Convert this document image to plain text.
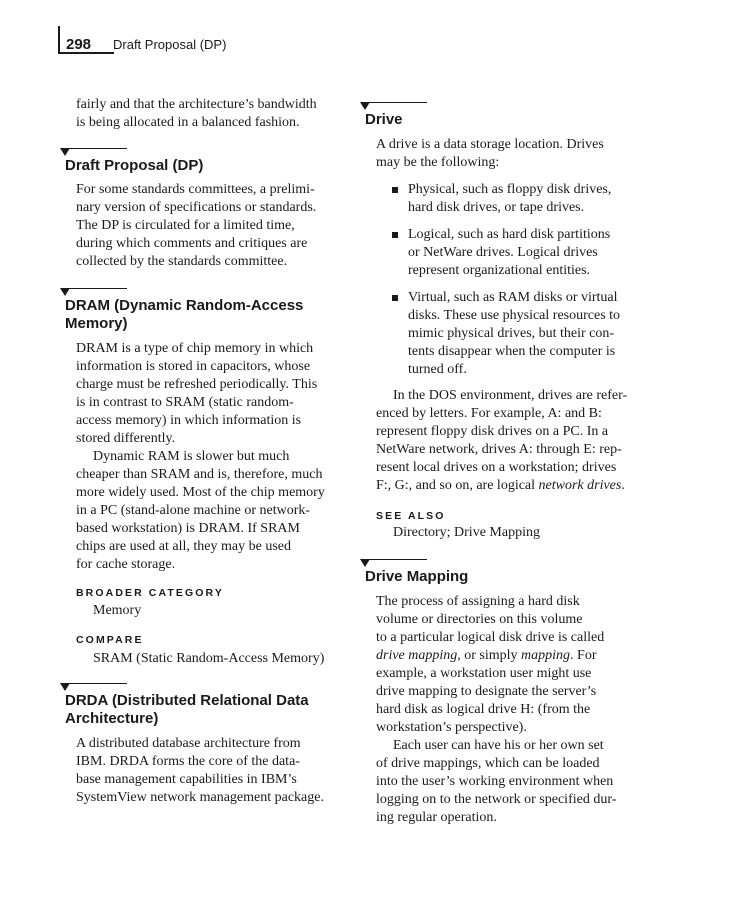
298 Draft Proposal (DP)

fairly and that the architecture’s bandwidth

is being allocated in a balanced fashion.

Draft Proposal (DP)

For some standards committees, a prelimi-

nary version of specifications or standards.

The DP is circulated for a limited time,

during which comments and critiques are

collected by the standards committee.

DRAM (Dynamic Random-Access
Memory)

DRAM is a type of chip memory in which

information is stored in capacitors, whose

charge must be refreshed periodically. This

is in contrast to SRAM (static random-

access memory) in which information is

stored differently.

Dynamic RAM is slower but much

cheaper than SRAM and is, therefore, much

more widely used. Most of the chip memory

in a PC (stand-alone machine or network-

based workstation) is DRAM. If SRAM

chips are used at all, they may be used

for cache storage.

BROADER CATEGORY

Memory

COMPARE

SRAM (Static Random-Access Memory)

DRDA (Distributed Relational Data
Architecture)

A distributed database architecture from

IBM. DRDA forms the core of the data-

base management capabilities in IBM’s

SystemView network management package.

Drive

A drive is a data storage location. Drives

may be the following:

Physical, such as floppy disk drives,
hard disk drives, or tape drives.
Logical, such as hard disk partitions
or NetWare drives. Logical drives
represent organizational entities.
Virtual, such as RAM disks or virtual
disks. These use physical resources to
mimic physical drives, but their con-
tents disappear when the computer is
turned off.

In the DOS environment, drives are refer-

enced by letters. For example, A: and B:

represent floppy disk drives on a PC. In a

NetWare network, drives A: through E: rep-

resent local drives on a workstation; drives

F:, G:, and so on, are logical network drives.

SEE ALSO

Directory; Drive Mapping

Drive Mapping

The process of assigning a hard disk

volume or directories on this volume

to a particular logical disk drive is called

drive mapping, or simply mapping. For

example, a workstation user might use

drive mapping to designate the server’s

hard disk as logical drive H: (from the

workstation’s perspective).

Each user can have his or her own set

of drive mappings, which can be loaded

into the user’s working environment when

logging on to the network or specified dur-

ing regular operation.
